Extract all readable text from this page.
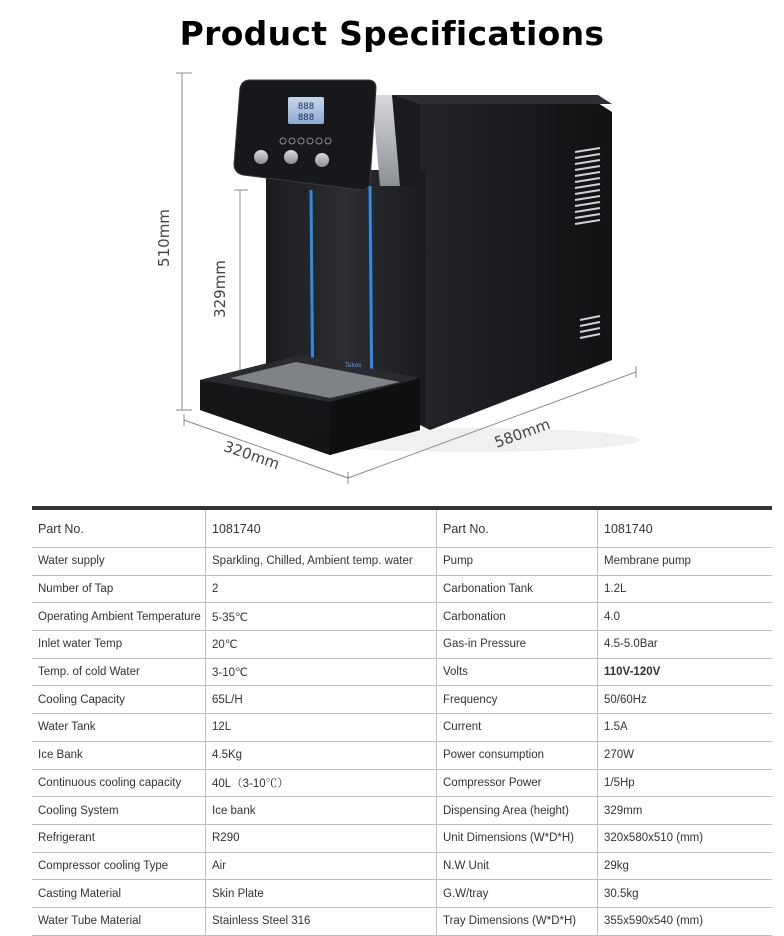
Product Specifications
510mm
329mm
888
888
Takos
320mm
580mm
Part No.	1081740	Part No.	1081740
Water supply	Sparkling, Chilled, Ambient temp. water	Pump	Membrane pump
Number of Tap	2	Carbonation Tank	1.2L
Operating Ambient Temperature	5-35℃	Carbonation	4.0
Inlet water Temp	20℃	Gas-in Pressure	4.5-5.0Bar
Temp. of cold Water	3-10℃	Volts	110V-120V
Cooling Capacity	65L/H	Frequency	50/60Hz
Water Tank	12L	Current	1.5A
Ice Bank	4.5Kg	Power consumption	270W
Continuous cooling capacity	40L（3-10℃）	Compressor Power	1/5Hp
Cooling System	Ice bank	Dispensing Area (height)	329mm
Refrigerant	R290	Unit Dimensions (W*D*H)	320x580x510 (mm)
Compressor cooling Type	Air	N.W Unit	29kg
Casting Material	Skin Plate	G.W/tray	30.5kg
Water Tube Material	Stainless Steel 316	Tray Dimensions (W*D*H)	355x590x540 (mm)
